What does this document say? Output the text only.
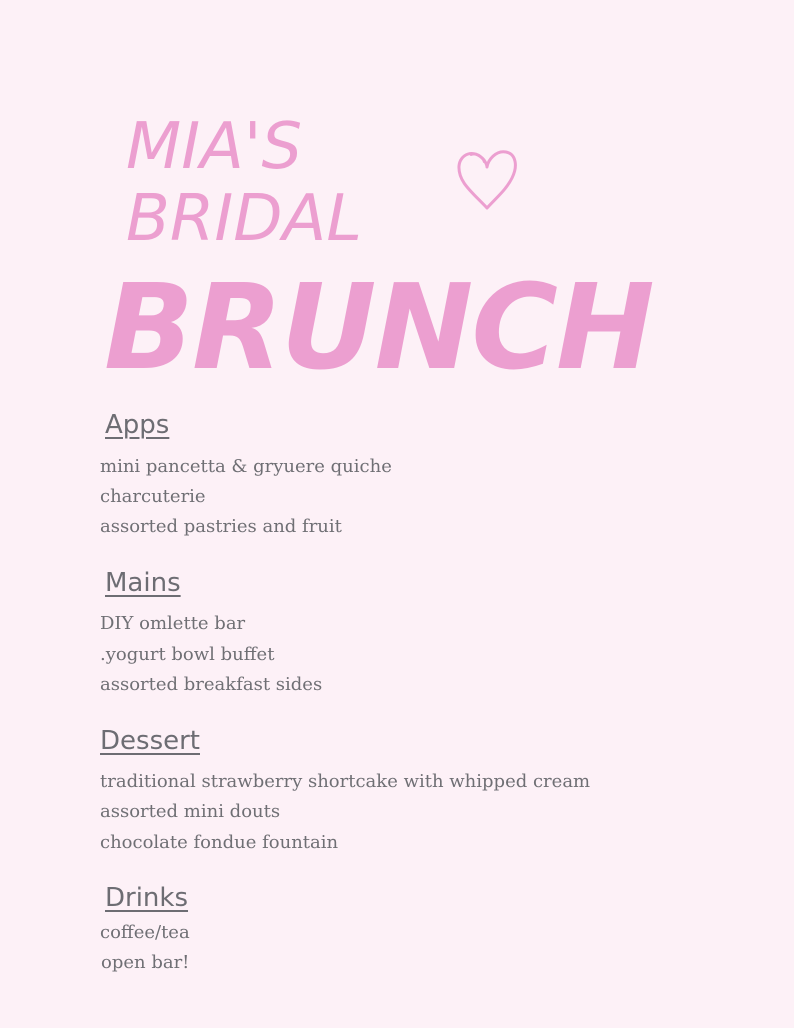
MIA'S
BRIDAL
BRUNCH
Apps
mini pancetta & gryuere quiche
charcuterie
assorted pastries and fruit
Mains
DIY omlette bar
.yogurt bowl buffet
assorted breakfast sides
Dessert
traditional strawberry shortcake with whipped cream
assorted mini douts
chocolate fondue fountain
Drinks
coffee/tea
open bar!
